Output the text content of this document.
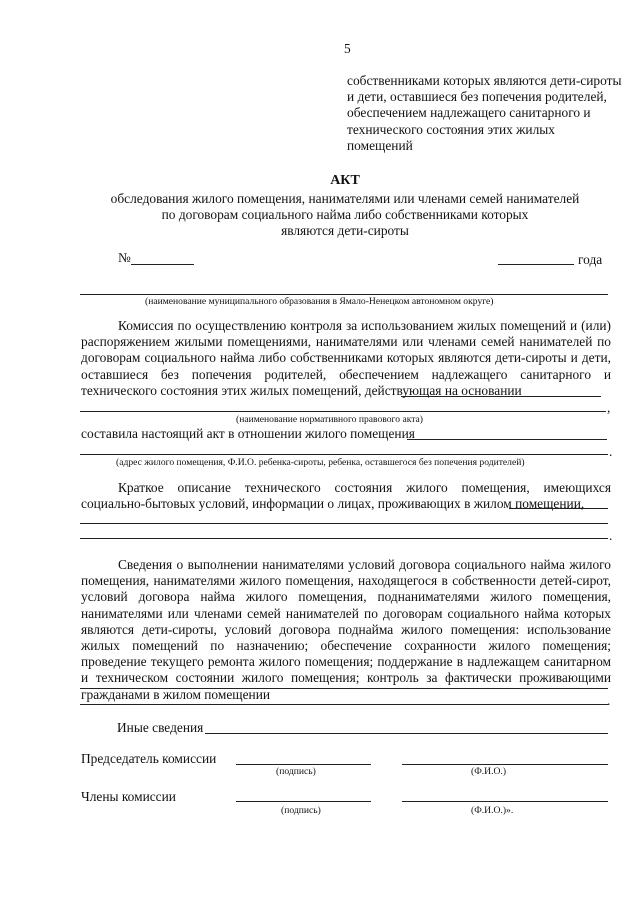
5
собственниками которых являются дети-сироты
и дети, оставшиеся без попечения родителей,
обеспечением надлежащего санитарного и
технического состояния этих жилых
помещений
АКТ
обследования жилого помещения, нанимателями или членами семей нанимателей
по договорам социального найма либо собственниками которых
являются дети-сироты
№	года
(наименование муниципального образования в Ямало-Ненецком автономном округе)

Комиссия по осуществлению контроля за использованием жилых помещений и (или) распоряжением жилыми помещениями, нанимателями или членами семей нанимателей по договорам социального найма либо собственниками которых являются дети-сироты и дети, оставшиеся без попечения родителей, обеспечением надлежащего санитарного и технического состояния этих жилых помещений, действующая на основании

,
(наименование нормативного правового акта)
составила настоящий акт в отношении жилого помещения
.
(адрес жилого помещения, Ф.И.О. ребенка-сироты, ребенка, оставшегося без попечения родителей)

Краткое описание технического состояния жилого помещения, имеющихся социально-бытовых условий, информации о лицах, проживающих в жилом помещении,

.

Сведения о выполнении нанимателями условий договора социального найма жилого помещения, нанимателями жилого помещения, находящегося в собственности детей-сирот, условий договора найма жилого помещения, поднанимателями жилого помещения, нанимателями или членами семей нанимателей по договорам социального найма которых являются дети-сироты, условий договора поднайма жилого помещения: использование жилых помещений по назначению; обеспечение сохранности жилого помещения; проведение текущего ремонта жилого помещения; поддержание в надлежащем санитарном и техническом состоянии жилого помещения; контроль за фактически проживающими гражданами в жилом помещении	.
Иные сведения
Председатель комиссии
(подпись)	(Ф.И.О.)
Члены комиссии
(подпись)	(Ф.И.О.)».
